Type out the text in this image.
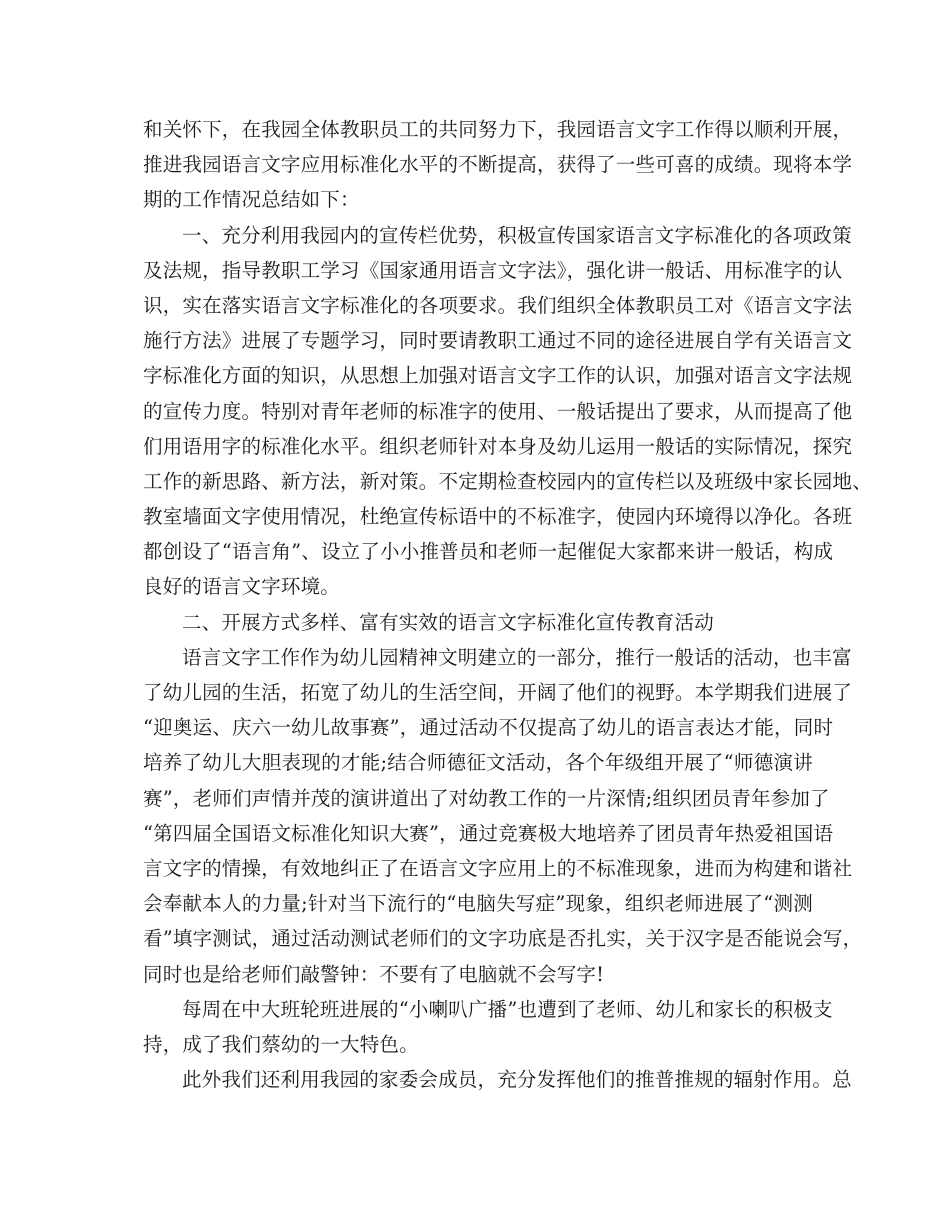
和关怀下，在我园全体教职员工的共同努力下，我园语言文字工作得以顺利开展，
推进我园语言文字应用标准化水平的不断提高，获得了一些可喜的成绩。现将本学
期的工作情况总结如下：
一、充分利用我园内的宣传栏优势，积极宣传国家语言文字标准化的各项政策
及法规，指导教职工学习《国家通用语言文字法》，强化讲一般话、用标准字的认
识，实在落实语言文字标准化的各项要求。我们组织全体教职员工对《语言文字法
施行方法》进展了专题学习，同时要请教职工通过不同的途径进展自学有关语言文
字标准化方面的知识，从思想上加强对语言文字工作的认识，加强对语言文字法规
的宣传力度。特别对青年老师的标准字的使用、一般话提出了要求，从而提高了他
们用语用字的标准化水平。组织老师针对本身及幼儿运用一般话的实际情况，探究
工作的新思路、新方法，新对策。不定期检查校园内的宣传栏以及班级中家长园地、
教室墙面文字使用情况，杜绝宣传标语中的不标准字，使园内环境得以净化。各班
都创设了“语言角”、设立了小小推普员和老师一起催促大家都来讲一般话，构成
良好的语言文字环境。
二、开展方式多样、富有实效的语言文字标准化宣传教育活动
语言文字工作作为幼儿园精神文明建立的一部分，推行一般话的活动，也丰富
了幼儿园的生活，拓宽了幼儿的生活空间，开阔了他们的视野。本学期我们进展了
“迎奥运、庆六一幼儿故事赛”，通过活动不仅提高了幼儿的语言表达才能，同时
培养了幼儿大胆表现的才能;结合师德征文活动，各个年级组开展了“师德演讲
赛”，老师们声情并茂的演讲道出了对幼教工作的一片深情;组织团员青年参加了
“第四届全国语文标准化知识大赛”，通过竞赛极大地培养了团员青年热爱祖国语
言文字的情操，有效地纠正了在语言文字应用上的不标准现象，进而为构建和谐社
会奉献本人的力量;针对当下流行的“电脑失写症”现象，组织老师进展了“测测
看”填字测试，通过活动测试老师们的文字功底是否扎实，关于汉字是否能说会写，
同时也是给老师们敲警钟：不要有了电脑就不会写字!
每周在中大班轮班进展的“小喇叭广播”也遭到了老师、幼儿和家长的积极支
持，成了我们蔡幼的一大特色。
此外我们还利用我园的家委会成员，充分发挥他们的推普推规的辐射作用。总
